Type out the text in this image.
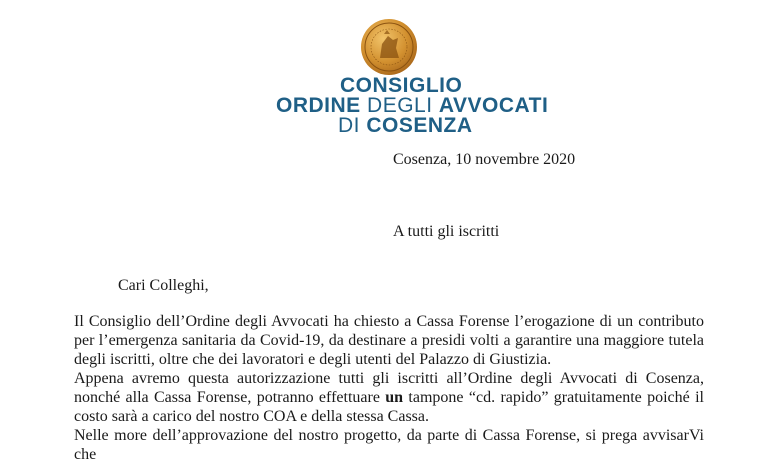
CONSIGLIO
ORDINE DEGLI AVVOCATI
DI COSENZA
Cosenza, 10 novembre 2020
A tutti gli iscritti
Cari Colleghi,

Il Consiglio dell’Ordine degli Avvocati ha chiesto a Cassa Forense l’erogazione di un contributo per l’emergenza sanitaria da Covid-19, da destinare a presidi volti a garantire una maggiore tutela degli iscritti, oltre che dei lavoratori e degli utenti del Palazzo di Giustizia.

Appena avremo questa autorizzazione tutti gli iscritti all’Ordine degli Avvocati di Cosenza, nonché alla Cassa Forense, potranno effettuare un tampone “cd. rapido” gratuitamente poiché il costo sarà a carico del nostro COA e della stessa Cassa.

Nelle more dell’approvazione del nostro progetto, da parte di Cassa Forense, si prega avvisarVi che
